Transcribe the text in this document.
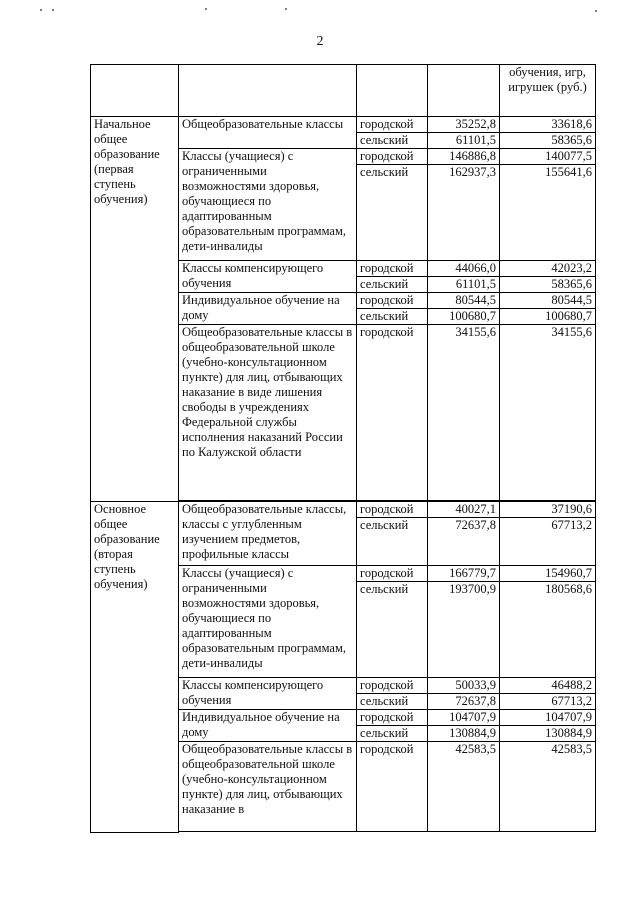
2
				обучения, игр, игрушек (руб.)
Начальное общее образование (первая ступень обучения)	Общеобразовательные классы	городской	35252,8	33618,6
		сельский	61101,5	58365,6
	Классы (учащиеся) с ограниченными возможностями здоровья, обучающиеся по адаптированным образовательным программам, дети-инвалиды	городской	146886,8	140077,5
		сельский	162937,3	155641,6
	Классы компенсирующего обучения	городской	44066,0	42023,2
		сельский	61101,5	58365,6
	Индивидуальное обучение на дому	городской	80544,5	80544,5
		сельский	100680,7	100680,7
	Общеобразовательные классы в общеобразовательной школе (учебно-консультационном пункте) для лиц, отбывающих наказание в виде лишения свободы в учреждениях Федеральной службы исполнения наказаний России по Калужской области	городской	34155,6	34155,6

Основное общее образование (вторая ступень обучения)	Общеобразовательные классы, классы с углубленным изучением предметов, профильные классы	городской	40027,1	37190,6
		сельский	72637,8	67713,2
	Классы (учащиеся) с ограниченными возможностями здоровья, обучающиеся по адаптированным образовательным программам, дети-инвалиды	городской	166779,7	154960,7
		сельский	193700,9	180568,6
	Классы компенсирующего обучения	городской	50033,9	46488,2
		сельский	72637,8	67713,2
	Индивидуальное обучение на дому	городской	104707,9	104707,9
		сельский	130884,9	130884,9
	Общеобразовательные классы в общеобразовательной школе (учебно-консультационном пункте) для лиц, отбывающих наказание в	городской	42583,5	42583,5
